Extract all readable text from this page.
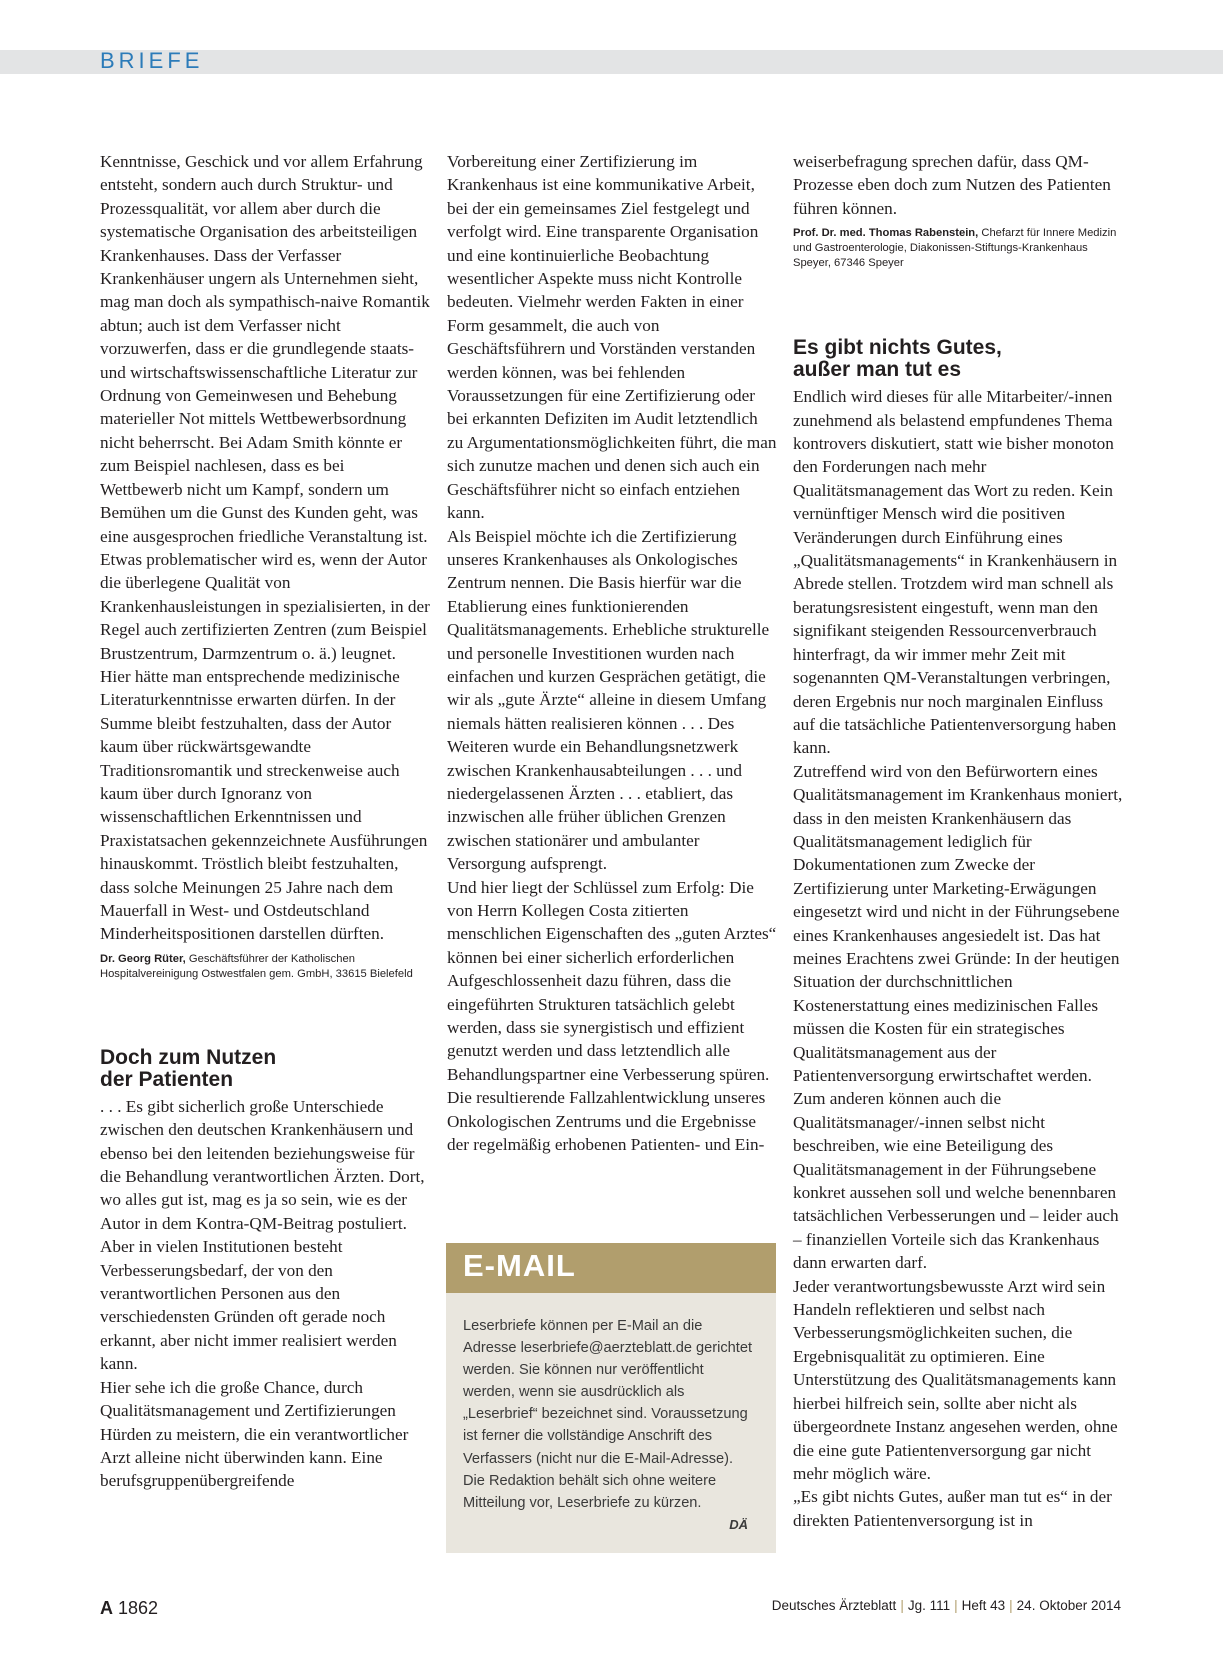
BRIEFE

Kenntnisse, Geschick und vor allem Erfahrung entsteht, sondern auch durch Struktur- und Prozessqualität, vor allem aber durch die systematische Organisation des arbeitsteiligen Krankenhauses. Dass der Verfasser Krankenhäuser ungern als Unternehmen sieht, mag man doch als sympathisch-naive Romantik abtun; auch ist dem Verfasser nicht vorzuwerfen, dass er die grundlegende staats- und wirtschaftswissenschaftliche Literatur zur Ordnung von Gemeinwesen und Behebung materieller Not mittels Wettbewerbsordnung nicht beherrscht. Bei Adam Smith könnte er zum Beispiel nachlesen, dass es bei Wettbewerb nicht um Kampf, sondern um Bemühen um die Gunst des Kunden geht, was eine ausgesprochen friedliche Veranstaltung ist.

Etwas problematischer wird es, wenn der Autor die überlegene Qualität von Krankenhausleistungen in spezialisierten, in der Regel auch zertifizierten Zentren (zum Beispiel Brustzentrum, Darmzentrum o. ä.) leugnet. Hier hätte man entsprechende medizinische Literaturkenntnisse erwarten dürfen. In der Summe bleibt festzuhalten, dass der Autor kaum über rückwärtsgewandte Traditionsromantik und streckenweise auch kaum über durch Ignoranz von wissenschaftlichen Erkenntnissen und Praxistatsachen gekennzeichnete Ausführungen hinauskommt. Tröstlich bleibt festzuhalten, dass solche Meinungen 25 Jahre nach dem Mauerfall in West- und Ostdeutschland Minderheitspositionen darstellen dürften.

Dr. Georg Rüter, Geschäftsführer der Katholischen Hospitalvereinigung Ostwestfalen gem. GmbH, 33615 Bielefeld

Doch zum Nutzen
der Patienten

. . . Es gibt sicherlich große Unterschiede zwischen den deutschen Krankenhäusern und ebenso bei den leitenden beziehungsweise für die Behandlung verantwortlichen Ärzten. Dort, wo alles gut ist, mag es ja so sein, wie es der Autor in dem Kontra-QM-Beitrag postuliert. Aber in vielen Institutionen besteht Verbesserungsbedarf, der von den verantwortlichen Personen aus den verschiedensten Gründen oft gerade noch erkannt, aber nicht immer realisiert werden kann.

Hier sehe ich die große Chance, durch Qualitätsmanagement und Zertifizierungen Hürden zu meistern, die ein verantwortlicher Arzt alleine nicht überwinden kann. Eine berufsgruppenübergreifende

Vorbereitung einer Zertifizierung im Krankenhaus ist eine kommunikative Arbeit, bei der ein gemeinsames Ziel festgelegt und verfolgt wird. Eine transparente Organisation und eine kontinuierliche Beobachtung wesentlicher Aspekte muss nicht Kontrolle bedeuten. Vielmehr werden Fakten in einer Form gesammelt, die auch von Geschäftsführern und Vorständen verstanden werden können, was bei fehlenden Voraussetzungen für eine Zertifizierung oder bei erkannten Defiziten im Audit letztendlich zu Argumentationsmöglichkeiten führt, die man sich zunutze machen und denen sich auch ein Geschäftsführer nicht so einfach entziehen kann.

Als Beispiel möchte ich die Zertifizierung unseres Krankenhauses als Onkologisches Zentrum nennen. Die Basis hierfür war die Etablierung eines funktionierenden Qualitätsmanagements. Erhebliche strukturelle und personelle Investitionen wurden nach einfachen und kurzen Gesprächen getätigt, die wir als „gute Ärzte“ alleine in diesem Umfang niemals hätten realisieren können . . . Des Weiteren wurde ein Behandlungsnetzwerk zwischen Krankenhausabteilungen . . . und niedergelassenen Ärzten . . . etabliert, das inzwischen alle früher üblichen Grenzen zwischen stationärer und ambulanter Versorgung aufsprengt.

Und hier liegt der Schlüssel zum Erfolg: Die von Herrn Kollegen Costa zitierten menschlichen Eigenschaften des „guten Arztes“ können bei einer sicherlich erforderlichen Aufgeschlossenheit dazu führen, dass die eingeführten Strukturen tatsächlich gelebt werden, dass sie synergistisch und effizient genutzt werden und dass letztendlich alle Behandlungspartner eine Verbesserung spüren. Die resultierende Fallzahlentwicklung unseres Onkologischen Zentrums und die Ergebnisse der regelmäßig erhobenen Patienten- und Ein-

E-MAIL
Leserbriefe können per E-Mail an die Adresse leserbriefe@aerzteblatt.de gerichtet werden. Sie können nur veröffentlicht werden, wenn sie ausdrücklich als „Leserbrief“ bezeichnet sind. Voraussetzung ist ferner die vollständige Anschrift des Verfassers (nicht nur die E-Mail-Adresse). Die Redaktion behält sich ohne weitere Mitteilung vor, Leserbriefe zu kürzen.
DÄ

weiserbefragung sprechen dafür, dass QM-Prozesse eben doch zum Nutzen des Patienten führen können.

Prof. Dr. med. Thomas Rabenstein, Chefarzt für Innere Medizin und Gastroenterologie, Diakonissen-Stiftungs-Krankenhaus Speyer, 67346 Speyer

Es gibt nichts Gutes,
außer man tut es

Endlich wird dieses für alle Mitarbeiter/-innen zunehmend als belastend empfundenes Thema kontrovers diskutiert, statt wie bisher monoton den Forderungen nach mehr Qualitätsmanagement das Wort zu reden. Kein vernünftiger Mensch wird die positiven Veränderungen durch Einführung eines „Qualitätsmanagements“ in Krankenhäusern in Abrede stellen. Trotzdem wird man schnell als beratungsresistent eingestuft, wenn man den signifikant steigenden Ressourcenverbrauch hinterfragt, da wir immer mehr Zeit mit sogenannten QM-Veranstaltungen verbringen, deren Ergebnis nur noch marginalen Einfluss auf die tatsächliche Patientenversorgung haben kann.

Zutreffend wird von den Befürwortern eines Qualitätsmanagement im Krankenhaus moniert, dass in den meisten Krankenhäusern das Qualitätsmanagement lediglich für Dokumentationen zum Zwecke der Zertifizierung unter Marketing-Erwägungen eingesetzt wird und nicht in der Führungsebene eines Krankenhauses angesiedelt ist. Das hat meines Erachtens zwei Gründe: In der heutigen Situation der durchschnittlichen Kostenerstattung eines medizinischen Falles müssen die Kosten für ein strategisches Qualitätsmanagement aus der Patientenversorgung erwirtschaftet werden. Zum anderen können auch die Qualitätsmanager/-innen selbst nicht beschreiben, wie eine Beteiligung des Qualitätsmanagement in der Führungsebene konkret aussehen soll und welche benennbaren tatsächlichen Verbesserungen und – leider auch – finanziellen Vorteile sich das Krankenhaus dann erwarten darf.

Jeder verantwortungsbewusste Arzt wird sein Handeln reflektieren und selbst nach Verbesserungsmöglichkeiten suchen, die Ergebnisqualität zu optimieren. Eine Unterstützung des Qualitätsmanagements kann hierbei hilfreich sein, sollte aber nicht als übergeordnete Instanz angesehen werden, ohne die eine gute Patientenversorgung gar nicht mehr möglich wäre.

„Es gibt nichts Gutes, außer man tut es“ in der direkten Patientenversorgung ist in

A 1862	Deutsches Ärzteblatt | Jg. 111 | Heft 43 | 24. Oktober 2014
